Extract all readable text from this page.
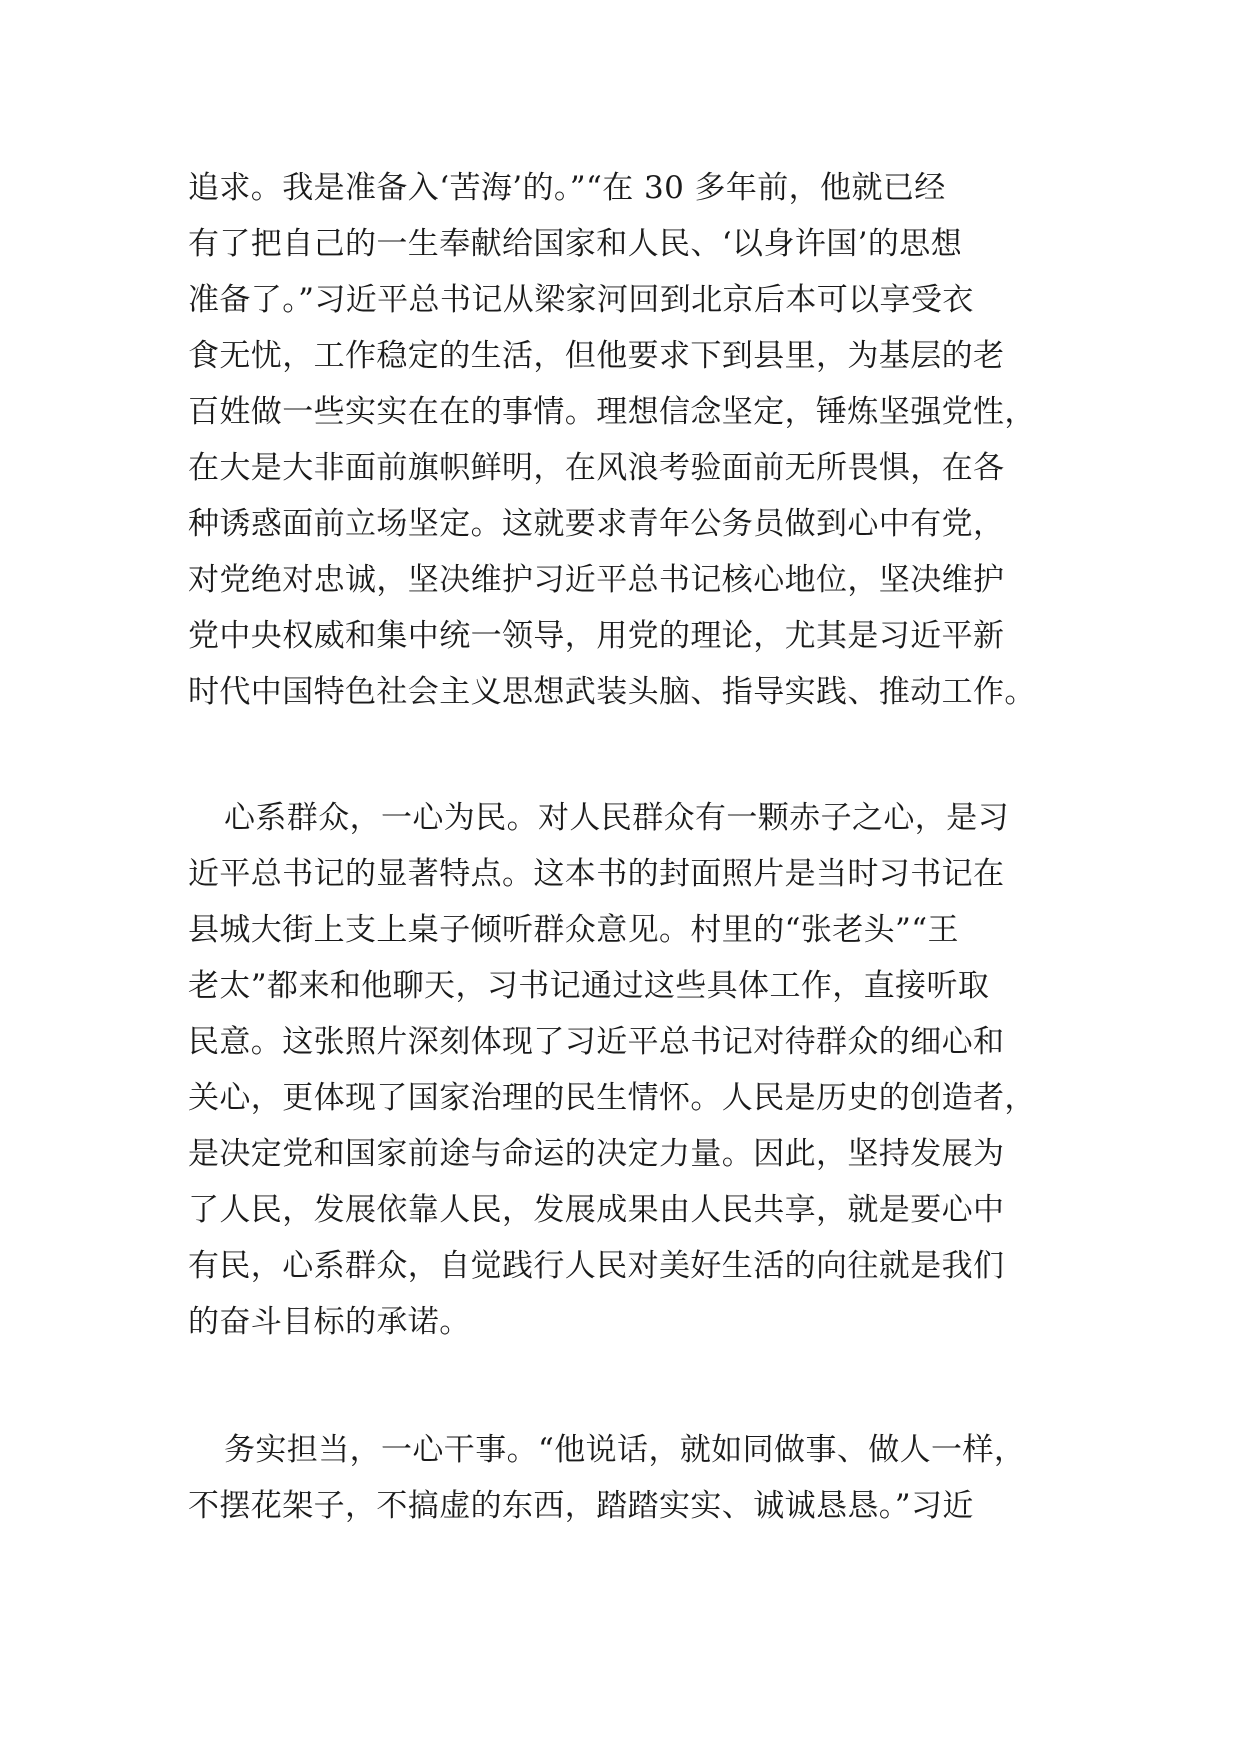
追求。我是准备入‘苦海’的。”“在 30 多年前，他就已经
有了把自己的一生奉献给国家和人民、‘以身许国’的思想
准备了。”习近平总书记从梁家河回到北京后本可以享受衣
食无忧，工作稳定的生活，但他要求下到县里，为基层的老
百姓做一些实实在在的事情。理想信念坚定，锤炼坚强党性，
在大是大非面前旗帜鲜明，在风浪考验面前无所畏惧，在各
种诱惑面前立场坚定。这就要求青年公务员做到心中有党，
对党绝对忠诚，坚决维护习近平总书记核心地位，坚决维护
党中央权威和集中统一领导，用党的理论，尤其是习近平新
时代中国特色社会主义思想武装头脑、指导实践、推动工作。
心系群众，一心为民。对人民群众有一颗赤子之心，是习
近平总书记的显著特点。这本书的封面照片是当时习书记在
县城大街上支上桌子倾听群众意见。村里的“张老头”“王
老太”都来和他聊天，习书记通过这些具体工作，直接听取
民意。这张照片深刻体现了习近平总书记对待群众的细心和
关心，更体现了国家治理的民生情怀。人民是历史的创造者，
是决定党和国家前途与命运的决定力量。因此，坚持发展为
了人民，发展依靠人民，发展成果由人民共享，就是要心中
有民，心系群众，自觉践行人民对美好生活的向往就是我们
的奋斗目标的承诺。
务实担当，一心干事。“他说话，就如同做事、做人一样，
不摆花架子，不搞虚的东西，踏踏实实、诚诚恳恳。”习近
